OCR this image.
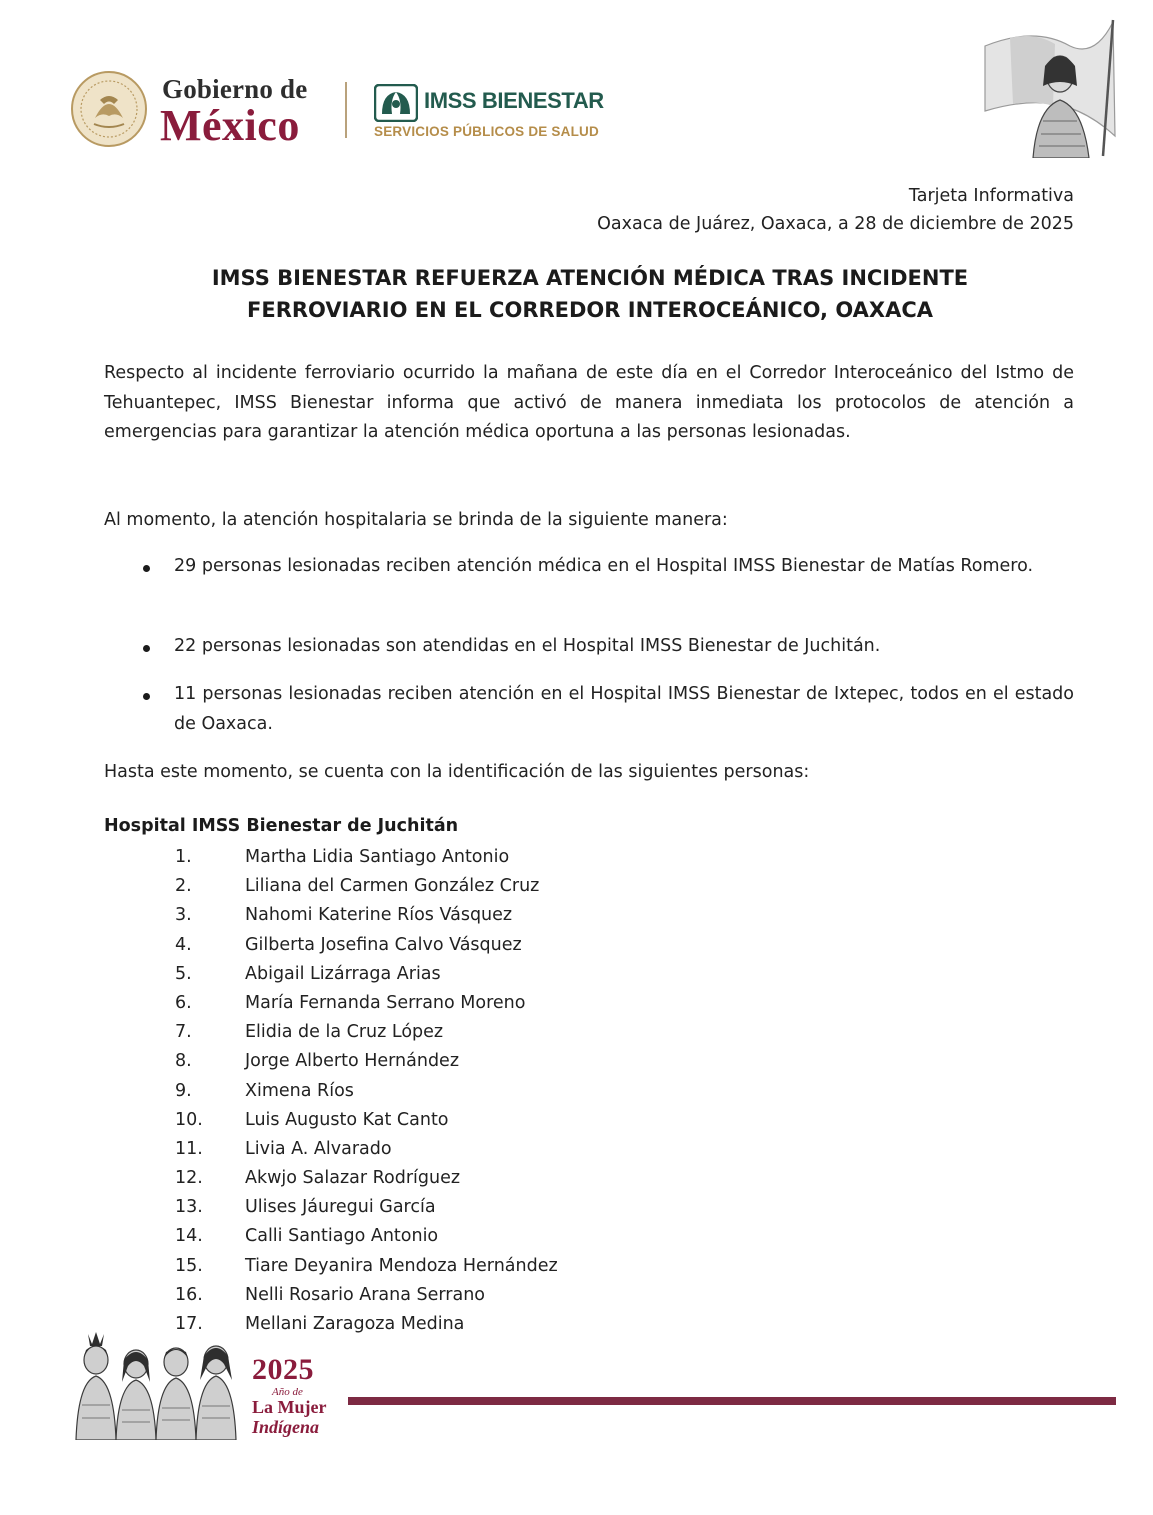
Gobierno de
México
IMSS BIENESTAR
SERVICIOS PÚBLICOS DE SALUD
Tarjeta Informativa
Oaxaca de Juárez, Oaxaca, a 28 de diciembre de 2025
IMSS BIENESTAR REFUERZA ATENCIÓN MÉDICA TRAS INCIDENTE
FERROVIARIO EN EL CORREDOR INTEROCEÁNICO, OAXACA
Respecto al incidente ferroviario ocurrido la mañana de este día en el Corredor Interoceánico del Istmo de Tehuantepec, IMSS Bienestar informa que activó de manera inmediata los protocolos de atención a emergencias para garantizar la atención médica oportuna a las personas lesionadas.
Al momento, la atención hospitalaria se brinda de la siguiente manera:
29 personas lesionadas reciben atención médica en el Hospital IMSS Bienestar de Matías Romero.
22 personas lesionadas son atendidas en el Hospital IMSS Bienestar de Juchitán.
11 personas lesionadas reciben atención en el Hospital IMSS Bienestar de Ixtepec, todos en el estado de Oaxaca.
Hasta este momento, se cuenta con la identificación de las siguientes personas:
Hospital IMSS Bienestar de Juchitán
1.	Martha Lidia Santiago Antonio
2.	Liliana del Carmen González Cruz
3.	Nahomi Katerine Ríos Vásquez
4.	Gilberta Josefina Calvo Vásquez
5.	Abigail Lizárraga Arias
6.	María Fernanda Serrano Moreno
7.	Elidia de la Cruz López
8.	Jorge Alberto Hernández
9.	Ximena Ríos
10.	Luis Augusto Kat Canto
11.	Livia A. Alvarado
12.	Akwjo Salazar Rodríguez
13.	Ulises Jáuregui García
14.	Calli Santiago Antonio
15.	Tiare Deyanira Mendoza Hernández
16.	Nelli Rosario Arana Serrano
17.	Mellani Zaragoza Medina
2025
Año de
La Mujer
Indígena
